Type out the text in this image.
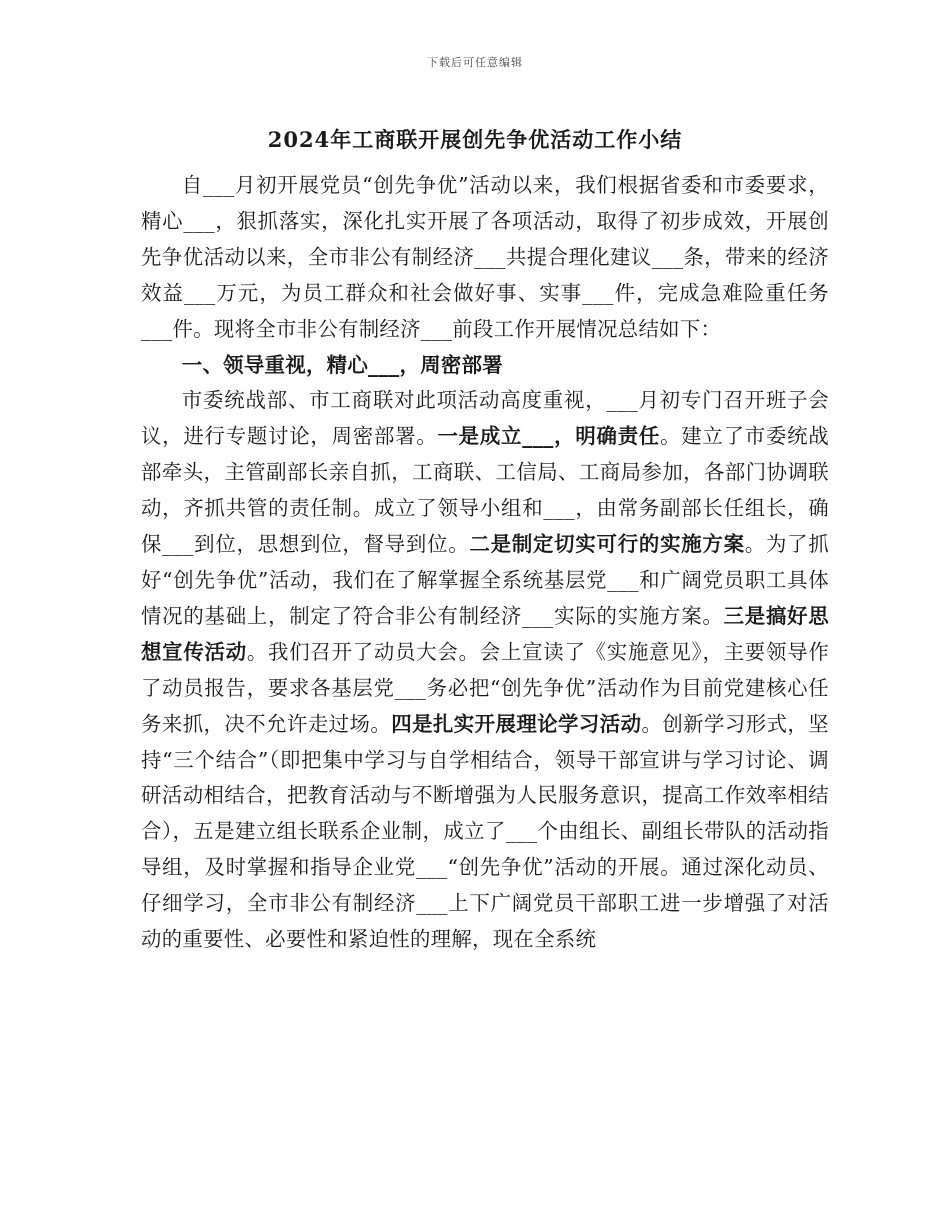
下载后可任意编辑
2024年工商联开展创先争优活动工作小结

自___月初开展党员“创先争优”活动以来，我们根据省委和市委要求，精心___，狠抓落实，深化扎实开展了各项活动，取得了初步成效，开展创先争优活动以来，全市非公有制经济___共提合理化建议___条，带来的经济效益___万元，为员工群众和社会做好事、实事___件，完成急难险重任务___件。现将全市非公有制经济___前段工作开展情况总结如下：

一、领导重视，精心___，周密部署

市委统战部、市工商联对此项活动高度重视，___月初专门召开班子会议，进行专题讨论，周密部署。一是成立___，明确责任。建立了市委统战部牵头，主管副部长亲自抓，工商联、工信局、工商局参加，各部门协调联动，齐抓共管的责任制。成立了领导小组和___，由常务副部长任组长，确保___到位，思想到位，督导到位。二是制定切实可行的实施方案。为了抓好“创先争优”活动，我们在了解掌握全系统基层党___和广阔党员职工具体情况的基础上，制定了符合非公有制经济___实际的实施方案。三是搞好思想宣传活动。我们召开了动员大会。会上宣读了《实施意见》，主要领导作了动员报告，要求各基层党___务必把“创先争优”活动作为目前党建核心任务来抓，决不允许走过场。四是扎实开展理论学习活动。创新学习形式，坚持“三个结合”（即把集中学习与自学相结合，领导干部宣讲与学习讨论、调研活动相结合，把教育活动与不断增强为人民服务意识，提高工作效率相结合），五是建立组长联系企业制，成立了___个由组长、副组长带队的活动指导组，及时掌握和指导企业党___“创先争优”活动的开展。通过深化动员、仔细学习，全市非公有制经济___上下广阔党员干部职工进一步增强了对活动的重要性、必要性和紧迫性的理解，现在全系统
